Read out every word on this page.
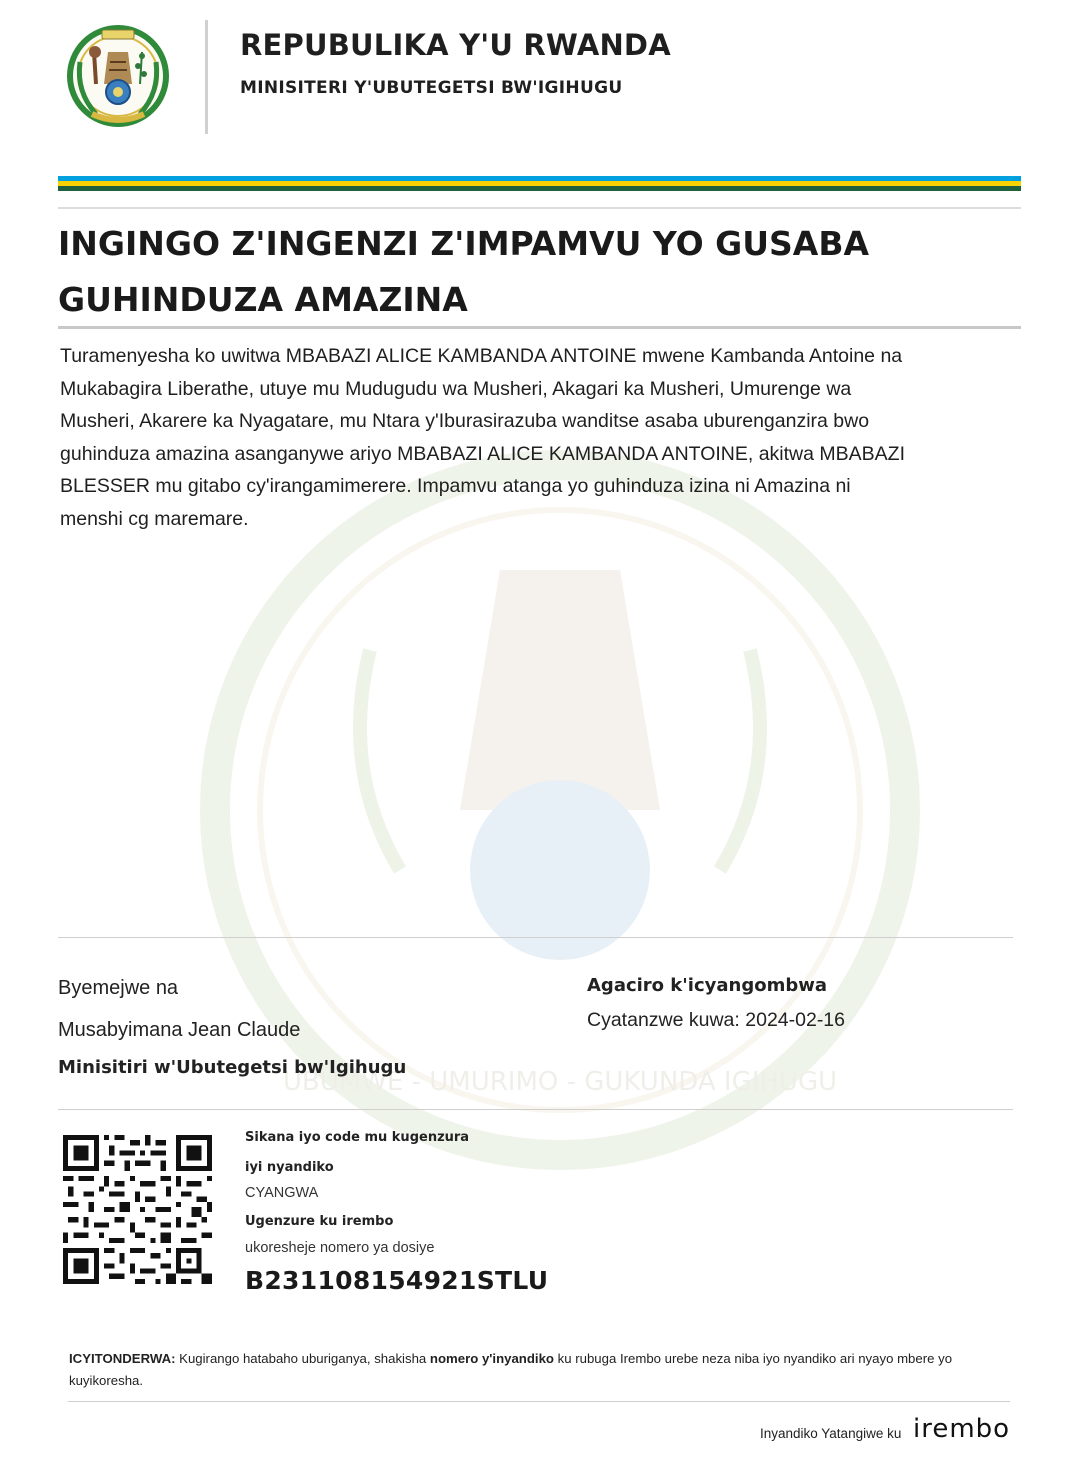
UBUMWE - UMURIMO - GUKUNDA IGIHUGU
REPUBULIKA Y'U RWANDA
MINISITERI Y'UBUTEGETSI BW'IGIHUGU
INGINGO Z'INGENZI Z'IMPAMVU YO GUSABA
GUHINDUZA AMAZINA
Turamenyesha ko uwitwa MBABAZI ALICE KAMBANDA ANTOINE mwene Kambanda Antoine na
Mukabagira Liberathe, utuye mu Mudugudu wa Musheri, Akagari ka Musheri, Umurenge wa
Musheri, Akarere ka Nyagatare, mu Ntara y'Iburasirazuba wanditse asaba uburenganzira bwo
guhinduza amazina asanganywe ariyo MBABAZI ALICE KAMBANDA ANTOINE, akitwa MBABAZI
BLESSER mu gitabo cy'irangamimerere. Impamvu atanga yo guhinduza izina ni Amazina ni
menshi cg maremare.
Byemejwe na
Musabyimana Jean Claude
Minisitiri w'Ubutegetsi bw'Igihugu
Agaciro k'icyangombwa
Cyatanzwe kuwa: 2024-02-16
Sikana iyo code mu kugenzura
iyi nyandiko
CYANGWA
Ugenzure ku irembo
ukoresheje nomero ya dosiye
B231108154921STLU
ICYITONDERWA: Kugirango hatabaho uburiganya, shakisha nomero y'inyandiko ku rubuga Irembo urebe neza niba iyo nyandiko ari nyayo mbere yo kuyikoresha.
Inyandiko Yatangiwe ku irembo
